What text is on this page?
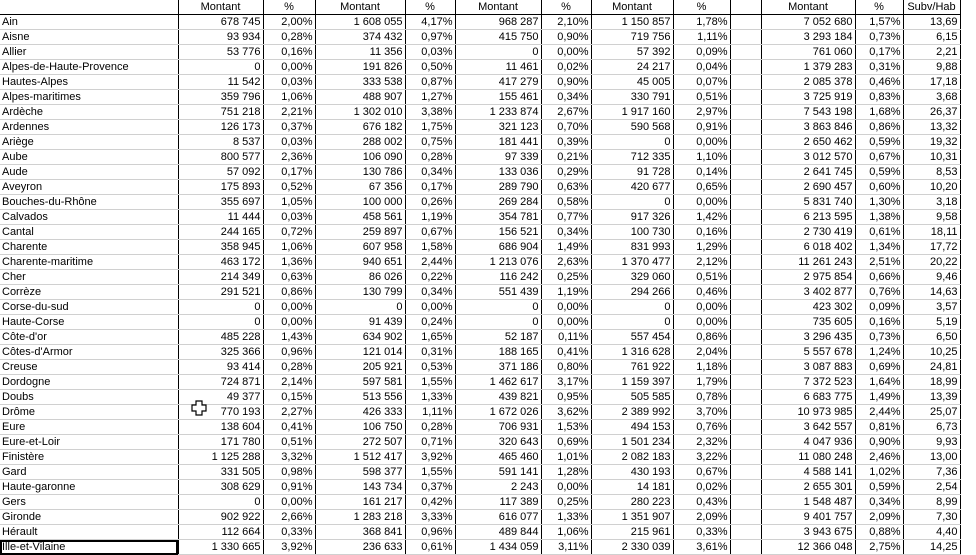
	Montant	%	Montant	%	Montant	%	Montant	%		Montant	%	Subv/Hab
Ain	678 745	2,00%	1 608 055	4,17%	968 287	2,10%	1 150 857	1,78%		7 052 680	1,57%	13,69
Aisne	93 934	0,28%	374 432	0,97%	415 750	0,90%	719 756	1,11%		3 293 184	0,73%	6,15
Allier	53 776	0,16%	11 356	0,03%	0	0,00%	57 392	0,09%		761 060	0,17%	2,21
Alpes-de-Haute-Provence	0	0,00%	191 826	0,50%	11 461	0,02%	24 217	0,04%		1 379 283	0,31%	9,88
Hautes-Alpes	11 542	0,03%	333 538	0,87%	417 279	0,90%	45 005	0,07%		2 085 378	0,46%	17,18
Alpes-maritimes	359 796	1,06%	488 907	1,27%	155 461	0,34%	330 791	0,51%		3 725 919	0,83%	3,68
Ardèche	751 218	2,21%	1 302 010	3,38%	1 233 874	2,67%	1 917 160	2,97%		7 543 198	1,68%	26,37
Ardennes	126 173	0,37%	676 182	1,75%	321 123	0,70%	590 568	0,91%		3 863 846	0,86%	13,32
Ariège	8 537	0,03%	288 002	0,75%	181 441	0,39%	0	0,00%		2 650 462	0,59%	19,32
Aube	800 577	2,36%	106 090	0,28%	97 339	0,21%	712 335	1,10%		3 012 570	0,67%	10,31
Aude	57 092	0,17%	130 786	0,34%	133 036	0,29%	91 728	0,14%		2 641 745	0,59%	8,53
Aveyron	175 893	0,52%	67 356	0,17%	289 790	0,63%	420 677	0,65%		2 690 457	0,60%	10,20
Bouches-du-Rhône	355 697	1,05%	100 000	0,26%	269 284	0,58%	0	0,00%		5 831 740	1,30%	3,18
Calvados	11 444	0,03%	458 561	1,19%	354 781	0,77%	917 326	1,42%		6 213 595	1,38%	9,58
Cantal	244 165	0,72%	259 897	0,67%	156 521	0,34%	100 730	0,16%		2 730 419	0,61%	18,11
Charente	358 945	1,06%	607 958	1,58%	686 904	1,49%	831 993	1,29%		6 018 402	1,34%	17,72
Charente-maritime	463 172	1,36%	940 651	2,44%	1 213 076	2,63%	1 370 477	2,12%		11 261 243	2,51%	20,22
Cher	214 349	0,63%	86 026	0,22%	116 242	0,25%	329 060	0,51%		2 975 854	0,66%	9,46
Corrèze	291 521	0,86%	130 799	0,34%	551 439	1,19%	294 266	0,46%		3 402 877	0,76%	14,63
Corse-du-sud	0	0,00%	0	0,00%	0	0,00%	0	0,00%		423 302	0,09%	3,57
Haute-Corse	0	0,00%	91 439	0,24%	0	0,00%	0	0,00%		735 605	0,16%	5,19
Côte-d'or	485 228	1,43%	634 902	1,65%	52 187	0,11%	557 454	0,86%		3 296 435	0,73%	6,50
Côtes-d'Armor	325 366	0,96%	121 014	0,31%	188 165	0,41%	1 316 628	2,04%		5 557 678	1,24%	10,25
Creuse	93 414	0,28%	205 921	0,53%	371 186	0,80%	761 922	1,18%		3 087 883	0,69%	24,81
Dordogne	724 871	2,14%	597 581	1,55%	1 462 617	3,17%	1 159 397	1,79%		7 372 523	1,64%	18,99
Doubs	49 377	0,15%	513 556	1,33%	439 821	0,95%	505 585	0,78%		6 683 775	1,49%	13,39
Drôme	770 193	2,27%	426 333	1,11%	1 672 026	3,62%	2 389 992	3,70%		10 973 985	2,44%	25,07
Eure	138 604	0,41%	106 750	0,28%	706 931	1,53%	494 153	0,76%		3 642 557	0,81%	6,73
Eure-et-Loir	171 780	0,51%	272 507	0,71%	320 643	0,69%	1 501 234	2,32%		4 047 936	0,90%	9,93
Finistère	1 125 288	3,32%	1 512 417	3,92%	465 460	1,01%	2 082 183	3,22%		11 080 248	2,46%	13,00
Gard	331 505	0,98%	598 377	1,55%	591 141	1,28%	430 193	0,67%		4 588 141	1,02%	7,36
Haute-garonne	308 629	0,91%	143 734	0,37%	2 243	0,00%	14 181	0,02%		2 655 301	0,59%	2,54
Gers	0	0,00%	161 217	0,42%	117 389	0,25%	280 223	0,43%		1 548 487	0,34%	8,99
Gironde	902 922	2,66%	1 283 218	3,33%	616 077	1,33%	1 351 907	2,09%		9 401 757	2,09%	7,30
Hérault	112 664	0,33%	368 841	0,96%	489 844	1,06%	215 961	0,33%		3 943 675	0,88%	4,40
Ille-et-Vilaine	1 330 665	3,92%	236 633	0,61%	1 434 059	3,11%	2 330 039	3,61%		12 366 048	2,75%	14,25
